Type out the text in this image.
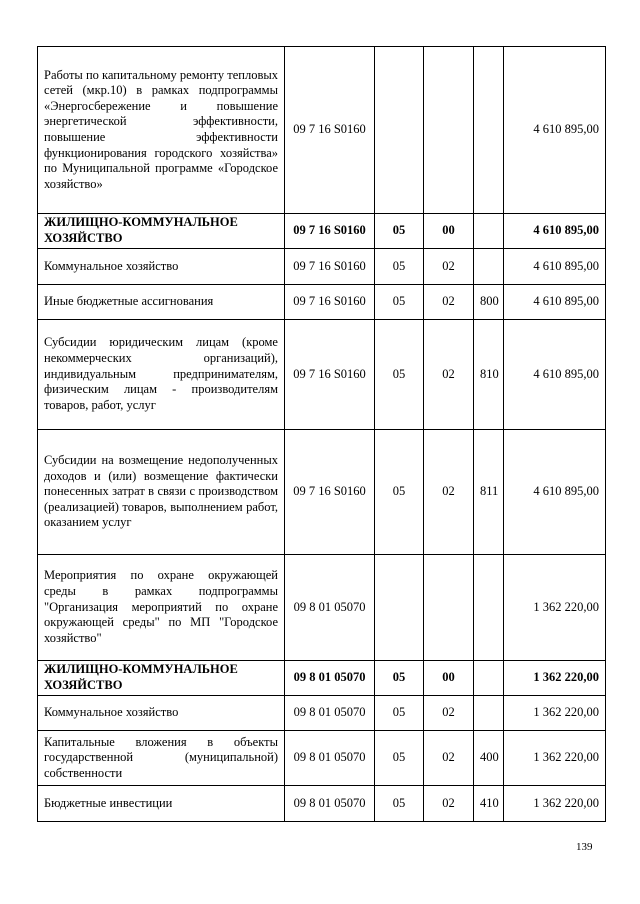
Работы по капитальному ремонту тепловых сетей (мкр.10) в рамках подпрограммы «Энергосбережение и повышение энергетической эффективности, повышение эффективности функционирования городского хозяйства» по Муниципальной программе «Городское хозяйство»	09 7 16 S0160				4 610 895,00
ЖИЛИЩНО-КОММУНАЛЬНОЕ ХОЗЯЙСТВО	09 7 16 S0160	05	00		4 610 895,00
Коммунальное хозяйство	09 7 16 S0160	05	02		4 610 895,00
Иные бюджетные ассигнования	09 7 16 S0160	05	02	800	4 610 895,00
Субсидии юридическим лицам (кроме некоммерческих организаций), индивидуальным предпринимателям, физическим лицам - производителям товаров, работ, услуг	09 7 16 S0160	05	02	810	4 610 895,00
Субсидии на возмещение недополученных доходов и (или) возмещение фактически понесенных затрат в связи с производством (реализацией) товаров, выполнением работ, оказанием услуг	09 7 16 S0160	05	02	811	4 610 895,00
Мероприятия по охране окружающей среды в рамках подпрограммы "Организация мероприятий по охране окружающей среды" по МП "Городское хозяйство"	09 8 01 05070				1 362 220,00
ЖИЛИЩНО-КОММУНАЛЬНОЕ ХОЗЯЙСТВО	09 8 01 05070	05	00		1 362 220,00
Коммунальное хозяйство	09 8 01 05070	05	02		1 362 220,00
Капитальные вложения в объекты государственной (муниципальной) собственности	09 8 01 05070	05	02	400	1 362 220,00
Бюджетные инвестиции	09 8 01 05070	05	02	410	1 362 220,00
139
